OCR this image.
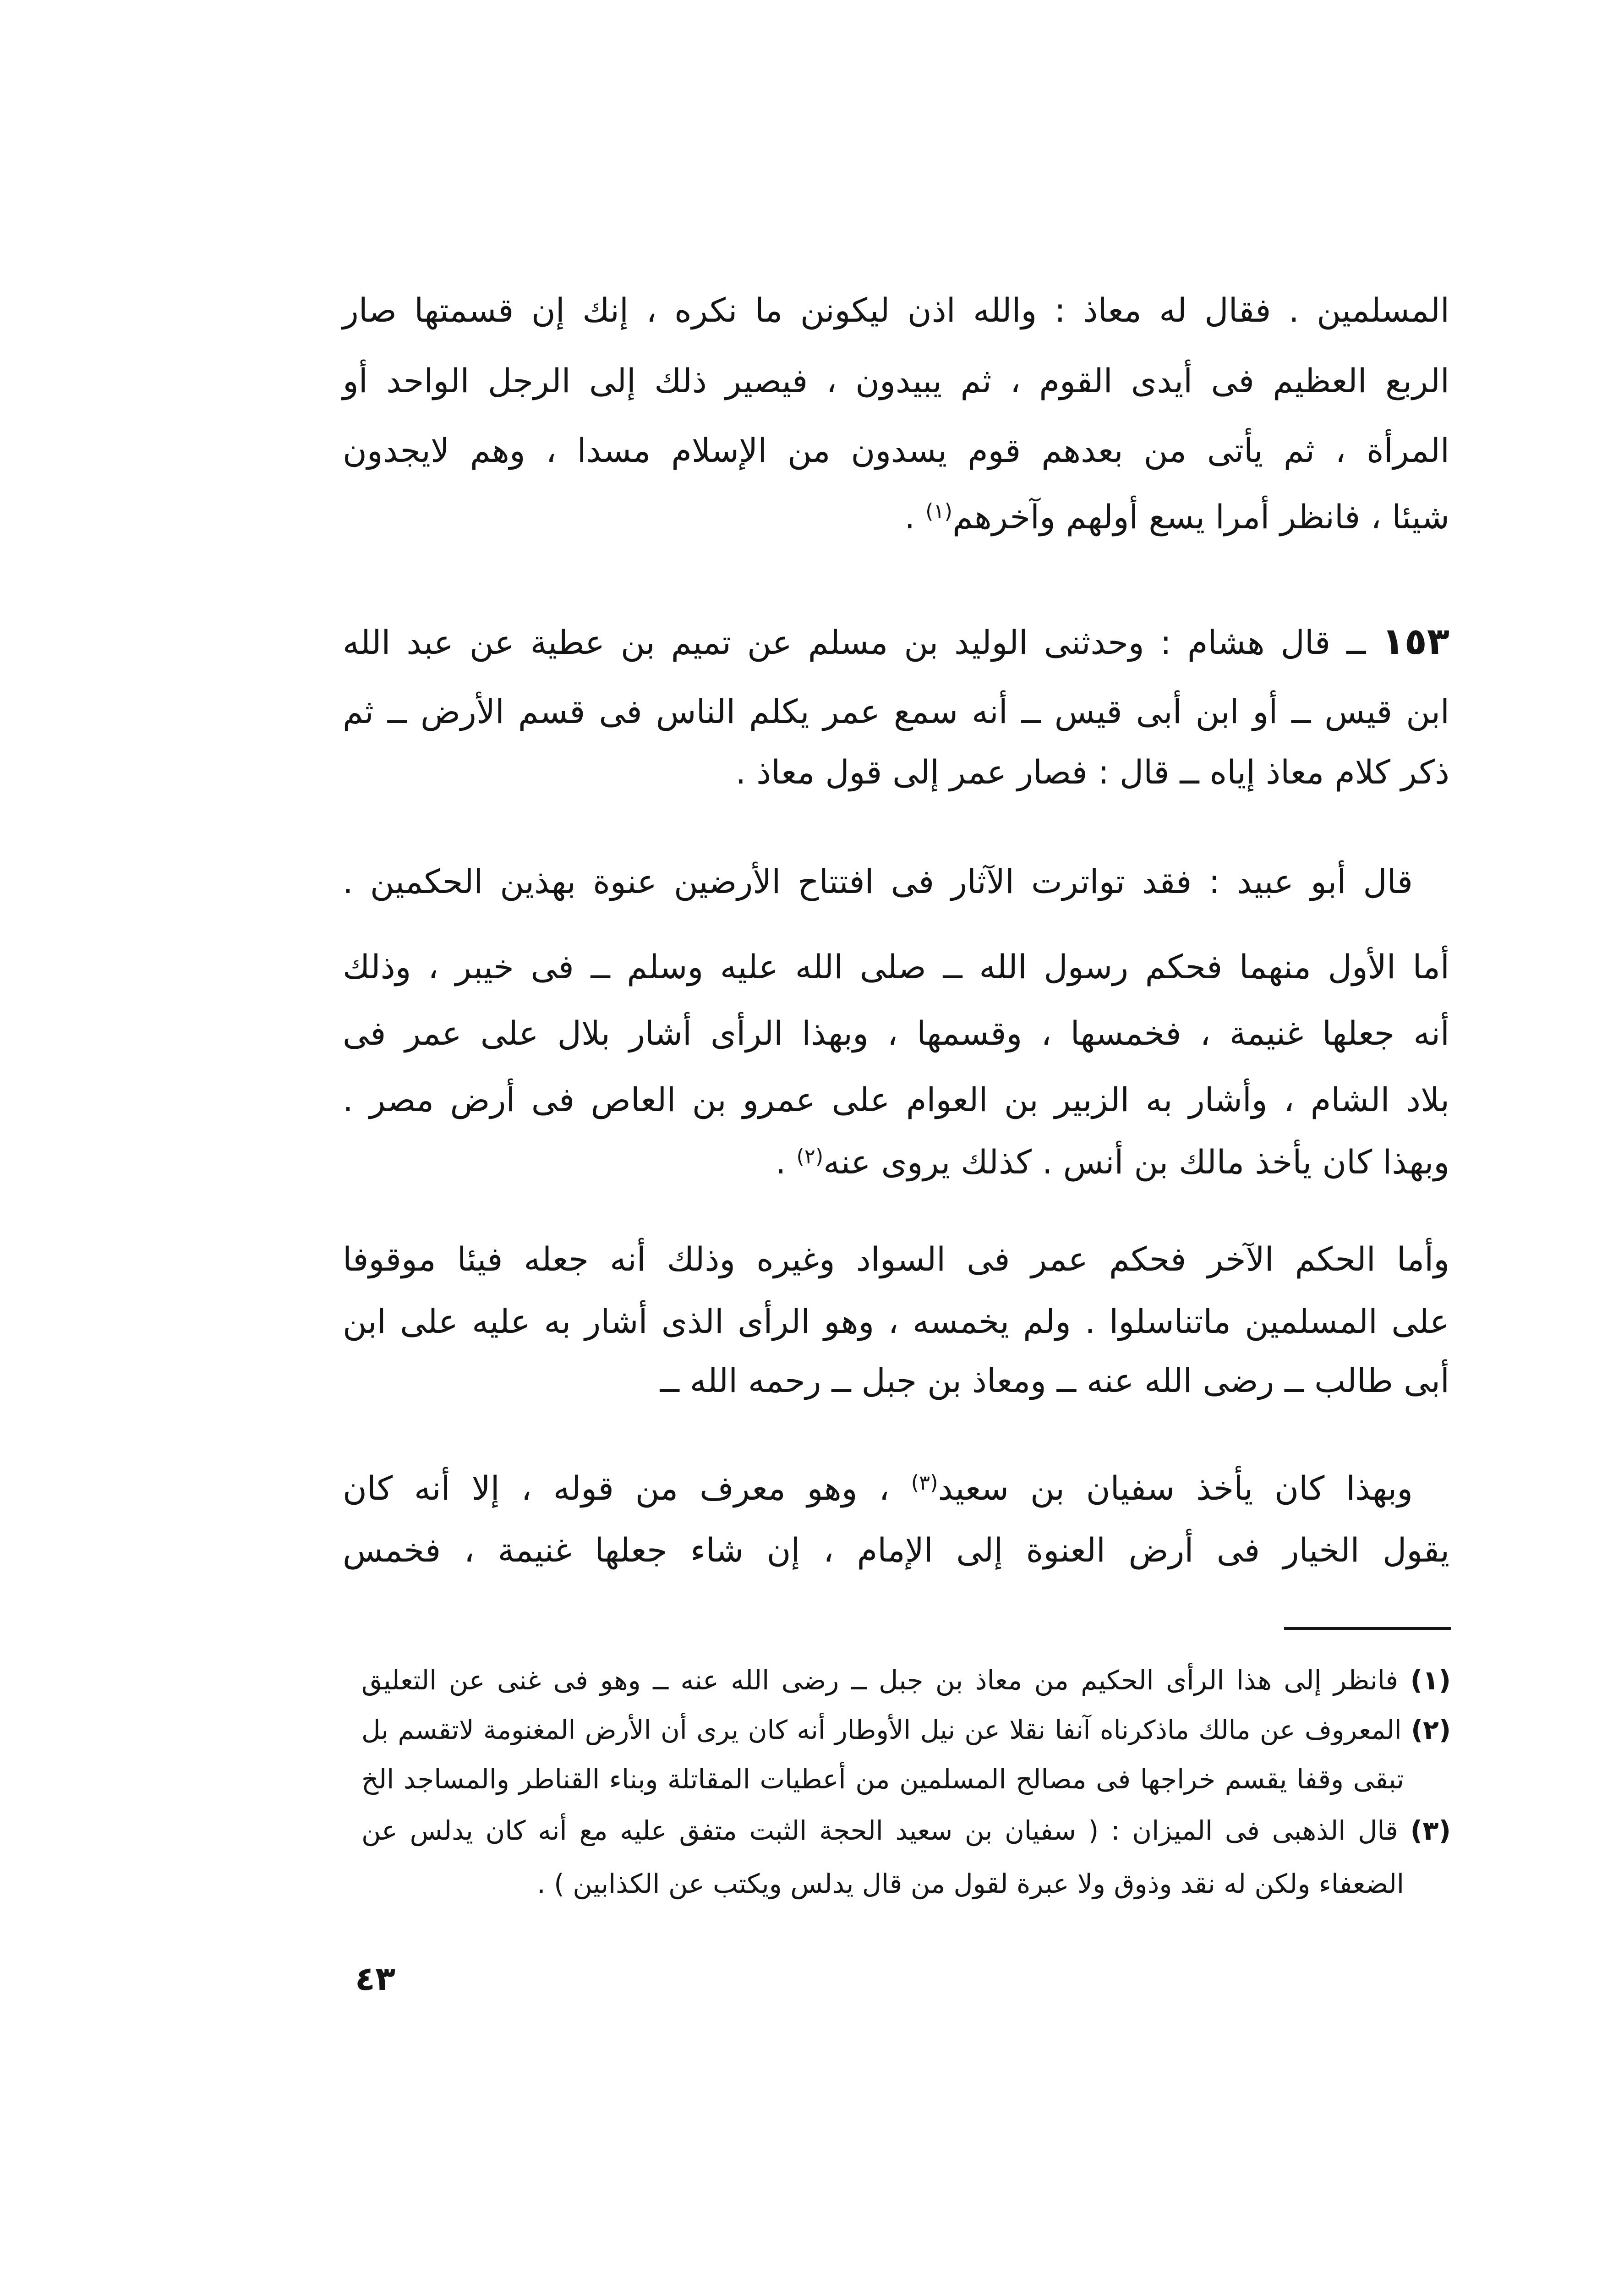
المسلمين . فقال له معاذ : والله اذن ليكونن ما نكره ، إنك إن قسمتها صار
الربع العظيم فى أيدى القوم ، ثم يبيدون ، فيصير ذلك إلى الرجل الواحد أو
المرأة ، ثم يأتى من بعدهم قوم يسدون من الإسلام مسدا ، وهم لايجدون
شيئا ، فانظر أمرا يسع أولهم وآخرهم$^{(١)}$ .
١٥٣ ــ قال هشام : وحدثنى الوليد بن مسلم عن تميم بن عطية عن عبد الله
ابن قيس ــ أو ابن أبى قيس ــ أنه سمع عمر يكلم الناس فى قسم الأرض ــ ثم
ذكر كلام معاذ إياه ــ قال : فصار عمر إلى قول معاذ .
قال أبو عبيد : فقد تواترت الآثار فى افتتاح الأرضين عنوة بهذين الحكمين .
أما الأول منهما فحكم رسول الله ــ صلى الله عليه وسلم ــ فى خيبر ، وذلك
أنه جعلها غنيمة ، فخمسها ، وقسمها ، وبهذا الرأى أشار بلال على عمر فى
بلاد الشام ، وأشار به الزبير بن العوام على عمرو بن العاص فى أرض مصر .
وبهذا كان يأخذ مالك بن أنس . كذلك يروى عنه$^{(٢)}$ .
وأما الحكم الآخر فحكم عمر فى السواد وغيره وذلك أنه جعله فيئا موقوفا
على المسلمين ماتناسلوا . ولم يخمسه ، وهو الرأى الذى أشار به عليه على ابن
أبى طالب ــ رضى الله عنه ــ ومعاذ بن جبل ــ رحمه الله ــ
وبهذا كان يأخذ سفيان بن سعيد$^{(٣)}$ ، وهو معرف من قوله ، إلا أنه كان
يقول الخيار فى أرض العنوة إلى الإمام ، إن شاء جعلها غنيمة ، فخمس
(١) فانظر إلى هذا الرأى الحكيم من معاذ بن جبل ــ رضى الله عنه ــ وهو فى غنى عن التعليق
(٢) المعروف عن مالك ماذكرناه آنفا نقلا عن نيل الأوطار أنه كان يرى أن الأرض المغنومة لاتقسم بل
تبقى وقفا يقسم خراجها فى مصالح المسلمين من أعطيات المقاتلة وبناء القناطر والمساجد الخ
(٣) قال الذهبى فى الميزان : ( سفيان بن سعيد الحجة الثبت متفق عليه مع أنه كان يدلس عن
الضعفاء ولكن له نقد وذوق ولا عبرة لقول من قال يدلس ويكتب عن الكذابين ) .
٤٣
